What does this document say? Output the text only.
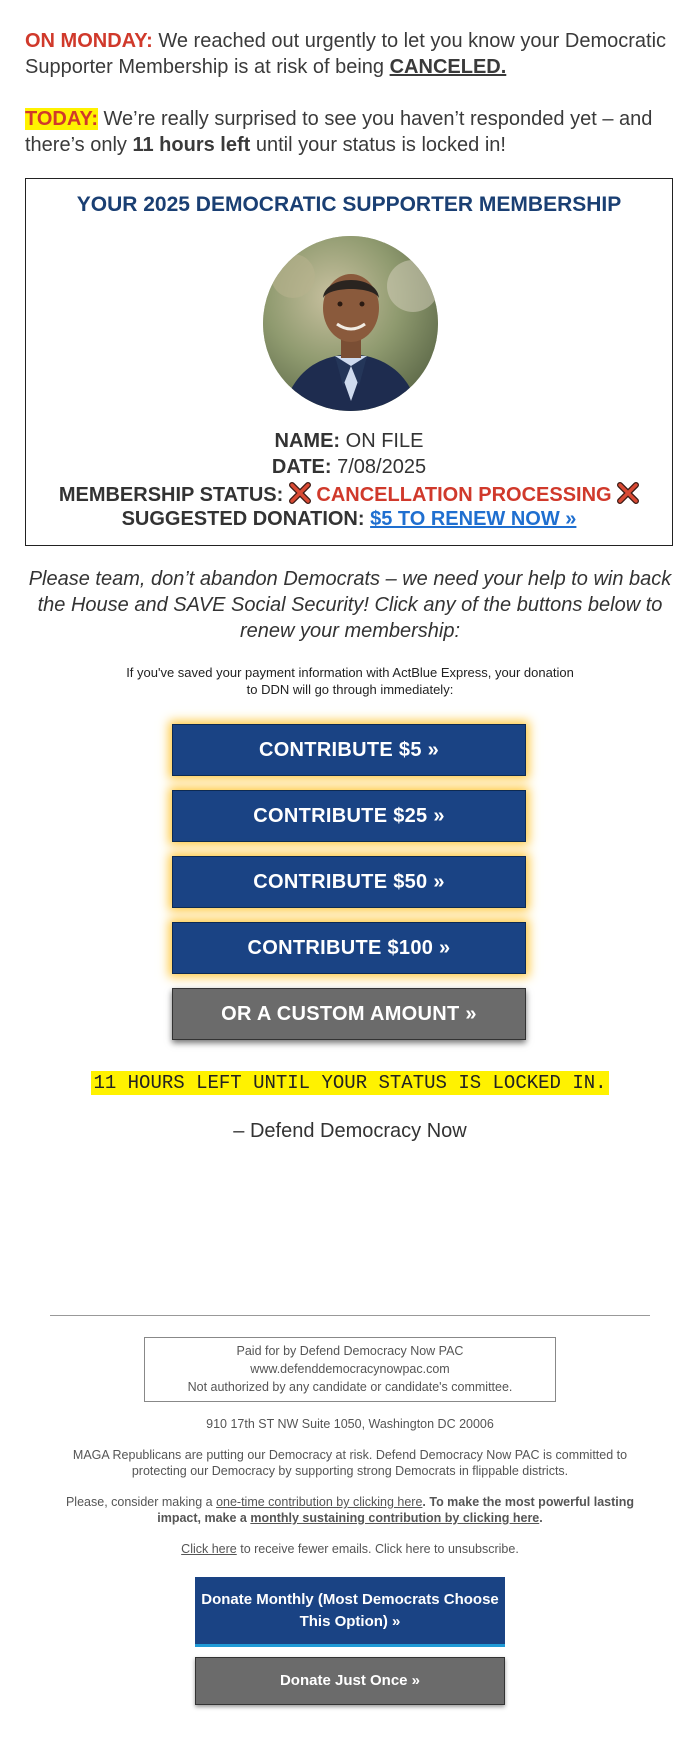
ON MONDAY: We reached out urgently to let you know your Democratic Supporter Membership is at risk of being CANCELED.

TODAY: We’re really surprised to see you haven’t responded yet – and there’s only 11 hours left until your status is locked in!

YOUR 2025 DEMOCRATIC SUPPORTER MEMBERSHIP
NAME: ON FILE
DATE: 7/08/2025
MEMBERSHIP STATUS: CANCELLATION PROCESSING
SUGGESTED DONATION: $5 TO RENEW NOW »
Please team, don’t abandon Democrats – we need your help to win back the House and SAVE Social Security! Click any of the buttons below to renew your membership:
If you've saved your payment information with ActBlue Express, your donation to DDN will go through immediately:
CONTRIBUTE $5 »
CONTRIBUTE $25 »
CONTRIBUTE $50 »
CONTRIBUTE $100 »
OR A CUSTOM AMOUNT »
11 HOURS LEFT UNTIL YOUR STATUS IS LOCKED IN.
– Defend Democracy Now
Paid for by Defend Democracy Now PAC
www.defenddemocracynowpac.com
Not authorized by any candidate or candidate's committee.
910 17th ST NW Suite 1050, Washington DC 20006
MAGA Republicans are putting our Democracy at risk. Defend Democracy Now PAC is committed to protecting our Democracy by supporting strong Democrats in flippable districts.
Please, consider making a one-time contribution by clicking here. To make the most powerful lasting impact, make a monthly sustaining contribution by clicking here.
Click here to receive fewer emails. Click here to unsubscribe.
Donate Monthly (Most Democrats Choose This Option) »
Donate Just Once »
